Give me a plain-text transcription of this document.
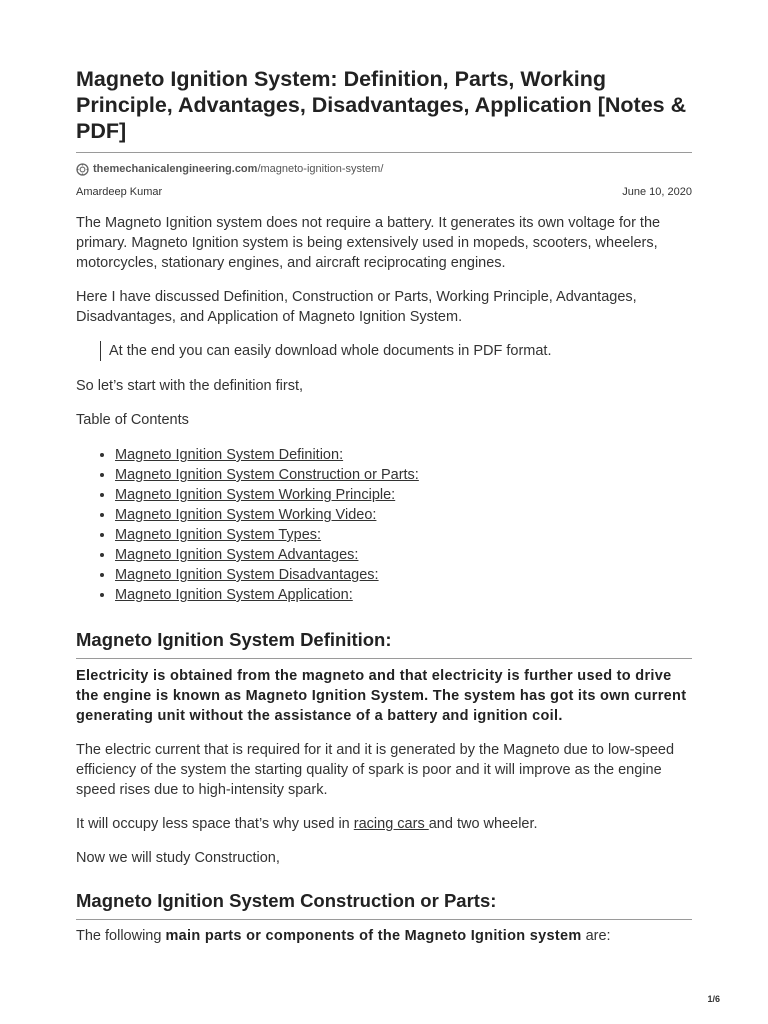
Magneto Ignition System: Definition, Parts, Working Principle, Advantages, Disadvantages, Application [Notes & PDF]
themechanicalengineering.com /magneto-ignition-system/
Amardeep Kumar	June 10, 2020

The Magneto Ignition system does not require a battery. It generates its own voltage for the primary. Magneto Ignition system is being extensively used in mopeds, scooters, wheelers, motorcycles, stationary engines, and aircraft reciprocating engines.

Here I have discussed Definition, Construction or Parts, Working Principle, Advantages, Disadvantages, and Application of Magneto Ignition System.

At the end you can easily download whole documents in PDF format.

So let’s start with the definition first,

Table of Contents

• Magneto Ignition System Definition:
• Magneto Ignition System Construction or Parts:
• Magneto Ignition System Working Principle:
• Magneto Ignition System Working Video:
• Magneto Ignition System Types:
• Magneto Ignition System Advantages:
• Magneto Ignition System Disadvantages:
• Magneto Ignition System Application:
Magneto Ignition System Definition:

Electricity is obtained from the magneto and that electricity is further used to drive the engine is known as Magneto Ignition System. The system has got its own current generating unit without the assistance of a battery and ignition coil.

The electric current that is required for it and it is generated by the Magneto due to low-speed efficiency of the system the starting quality of spark is poor and it will improve as the engine speed rises due to high-intensity spark.

It will occupy less space that’s why used in racing cars and two wheeler.

Now we will study Construction,

Magneto Ignition System Construction or Parts:

The following main parts or components of the Magneto Ignition system are:

1/6
